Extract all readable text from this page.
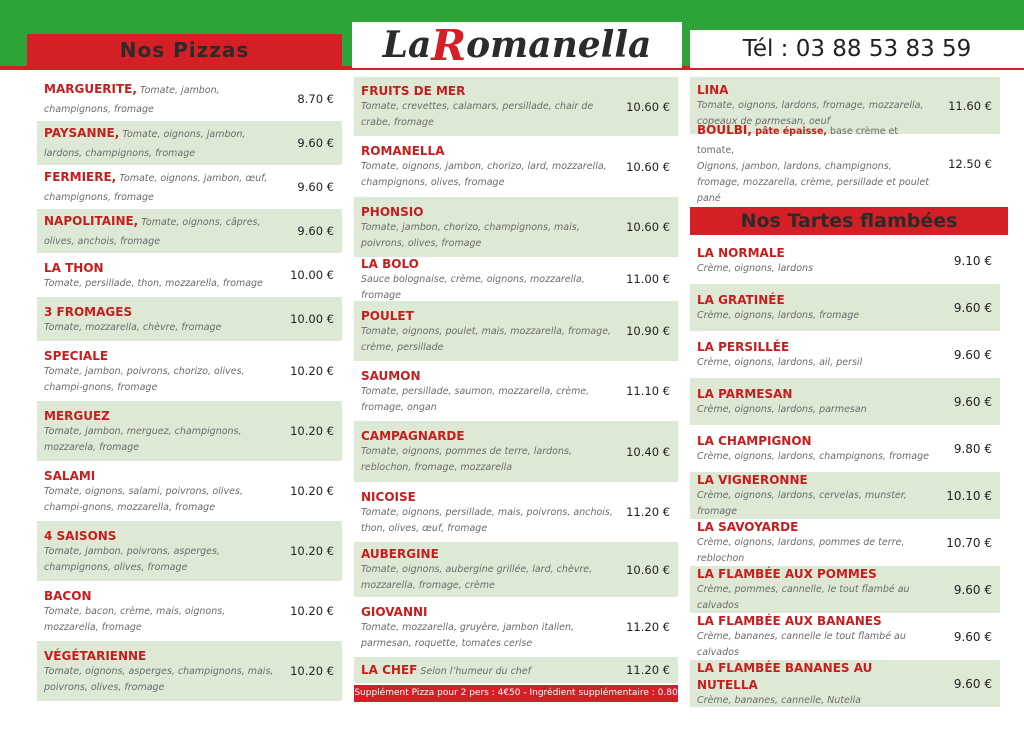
Nos Pizzas	La R omanella	Tél : 03 88 53 83 59
MARGUERITE, Tomate, jambon, champignons, fromage
8.70 €
PAYSANNE, Tomate, oignons, jambon, lardons, champignons, fromage
9.60 €
FERMIERE, Tomate, oignons, jambon, œuf, champignons, fromage
9.60 €
NAPOLITAINE, Tomate, oignons, câpres, olives, anchois, fromage
9.60 €
LA THON
Tomate, persillade, thon, mozzarella, fromage
10.00 €
3 FROMAGES
Tomate, mozzarella, chèvre, fromage
10.00 €
SPECIALE
Tomate, jambon, poivrons, chorizo, olives, champi-gnons, fromage
10.20 €
MERGUEZ
Tomate, jambon, merguez, champignons, mozzarela, fromage
10.20 €
SALAMI
Tomate, oignons, salami, poivrons, olives, champi-gnons, mozzarella, fromage
10.20 €
4 SAISONS
Tomate, jambon, poivrons, asperges, champignons, olives, fromage
10.20 €
BACON
Tomate, bacon, crème, mais, oignons, mozzarella, fromage
10.20 €
VÉGÉTARIENNE
Tomate, oignons, asperges, champignons, mais, poivrons, olives, fromage
10.20 €
FRUITS DE MER
Tomate, crevettes, calamars, persillade, chair de crabe, fromage
10.60 €
ROMANELLA
Tomate, oignons, jambon, chorizo, lard, mozzarella, champignons, olives, fromage
10.60 €
PHONSIO
Tomate, jambon, chorizo, champignons, mais, poivrons, olives, fromage
10.60 €
LA BOLO
Sauce bolognaise, crème, oignons, mozzarella, fromage
11.00 €
POULET
Tomate, oignons, poulet, mais, mozzarella, fromage, crème, persillade
10.90 €
SAUMON
Tomate, persillade, saumon, mozzarella, crème, fromage, ongan
11.10 €
CAMPAGNARDE
Tomate, oignons, pommes de terre, lardons, reblochon, fromage, mozzarella
10.40 €
NICOISE
Tomate, oignons, persillade, mais, poivrons, anchois, thon, olives, œuf, fromage
11.20 €
AUBERGINE
Tomate, oignons, aubergine grillée, lard, chèvre, mozzarella, fromage, crème
10.60 €
GIOVANNI
Tomate, mozzarella, gruyère, jambon italien, parmesan, roquette, tomates cerise
11.20 €
LA CHEF Selon l’humeur du chef	11.20 €
Supplément Pizza pour 2 pers : 4€50 - Ingrédient supplémentaire : 0.80 €
LINA
Tomate, oignons, lardons, fromage, mozzarella, copeaux de parmesan, oeuf
11.60 €
BOULBI, pâte épaisse, base crème et tomate,
Oignons, jambon, lardons, champignons, fromage, mozzarella, crème, persillade et poulet pané
12.50 €
Nos Tartes flambées
LA NORMALE
Crème, oignons, lardons
9.10 €
LA GRATINÉE
Crème, oignons, lardons, fromage
9.60 €
LA PERSILLÉE
Crème, oignons, lardons, ail, persil
9.60 €
LA PARMESAN
Crème, oignons, lardons, parmesan
9.60 €
LA CHAMPIGNON
Crème, oignons, lardons, champignons, fromage
9.80 €
LA VIGNERONNE
Crème, oignons, lardons, cervelas, munster, fromage
10.10 €
LA SAVOYARDE
Crème, oignons, lardons, pommes de terre, reblochon
10.70 €
LA FLAMBÉE AUX POMMES
Crème, pommes, cannelle, le tout flambé au calvados
9.60 €
LA FLAMBÉE AUX BANANES
Crème, bananes, cannelle le tout flambé au calvados
9.60 €
LA FLAMBÉE BANANES AU NUTELLA
Crème, bananes, cannelle, Nutella
9.60 €
